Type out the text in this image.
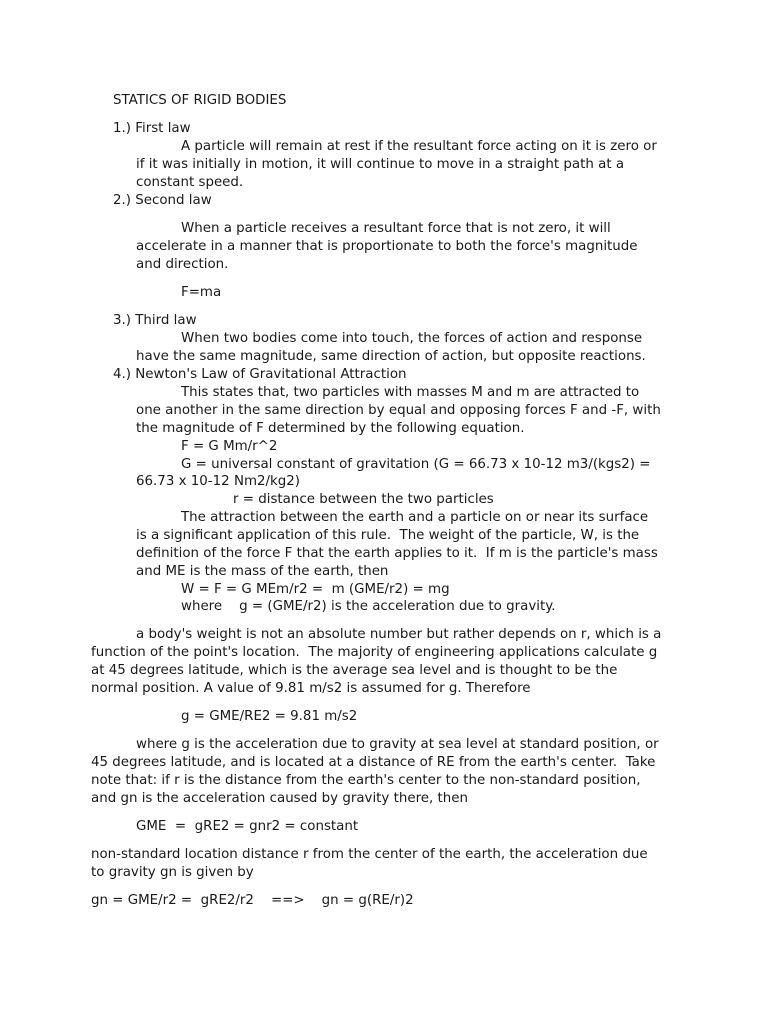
STATICS OF RIGID BODIES
1.) First law
A particle will remain at rest if the resultant force acting on it is zero or
if it was initially in motion, it will continue to move in a straight path at a
constant speed.
2.) Second law
When a particle receives a resultant force that is not zero, it will
accelerate in a manner that is proportionate to both the force's magnitude
and direction.
F=ma
3.) Third law
When two bodies come into touch, the forces of action and response
have the same magnitude, same direction of action, but opposite reactions.
4.) Newton's Law of Gravitational Attraction
This states that, two particles with masses M and m are attracted to
one another in the same direction by equal and opposing forces F and -F, with
the magnitude of F determined by the following equation.
F = G Mm/r^2
G = universal constant of gravitation (G = 66.73 x 10-12 m3/(kgs2) =
66.73 x 10-12 Nm2/kg2)
r = distance between the two particles
The attraction between the earth and a particle on or near its surface
is a significant application of this rule.  The weight of the particle, W, is the
definition of the force F that the earth applies to it.  If m is the particle's mass
and ME is the mass of the earth, then
W = F = G MEm/r2 =  m (GME/r2) = mg
where    g = (GME/r2) is the acceleration due to gravity.
a body's weight is not an absolute number but rather depends on r, which is a
function of the point's location.  The majority of engineering applications calculate g
at 45 degrees latitude, which is the average sea level and is thought to be the
normal position. A value of 9.81 m/s2 is assumed for g. Therefore
g = GME/RE2 = 9.81 m/s2
where g is the acceleration due to gravity at sea level at standard position, or
45 degrees latitude, and is located at a distance of RE from the earth's center.  Take
note that: if r is the distance from the earth's center to the non-standard position,
and gn is the acceleration caused by gravity there, then
GME  =  gRE2 = gnr2 = constant
non-standard location distance r from the center of the earth, the acceleration due
to gravity gn is given by
gn = GME/r2 =  gRE2/r2    ==>    gn = g(RE/r)2
